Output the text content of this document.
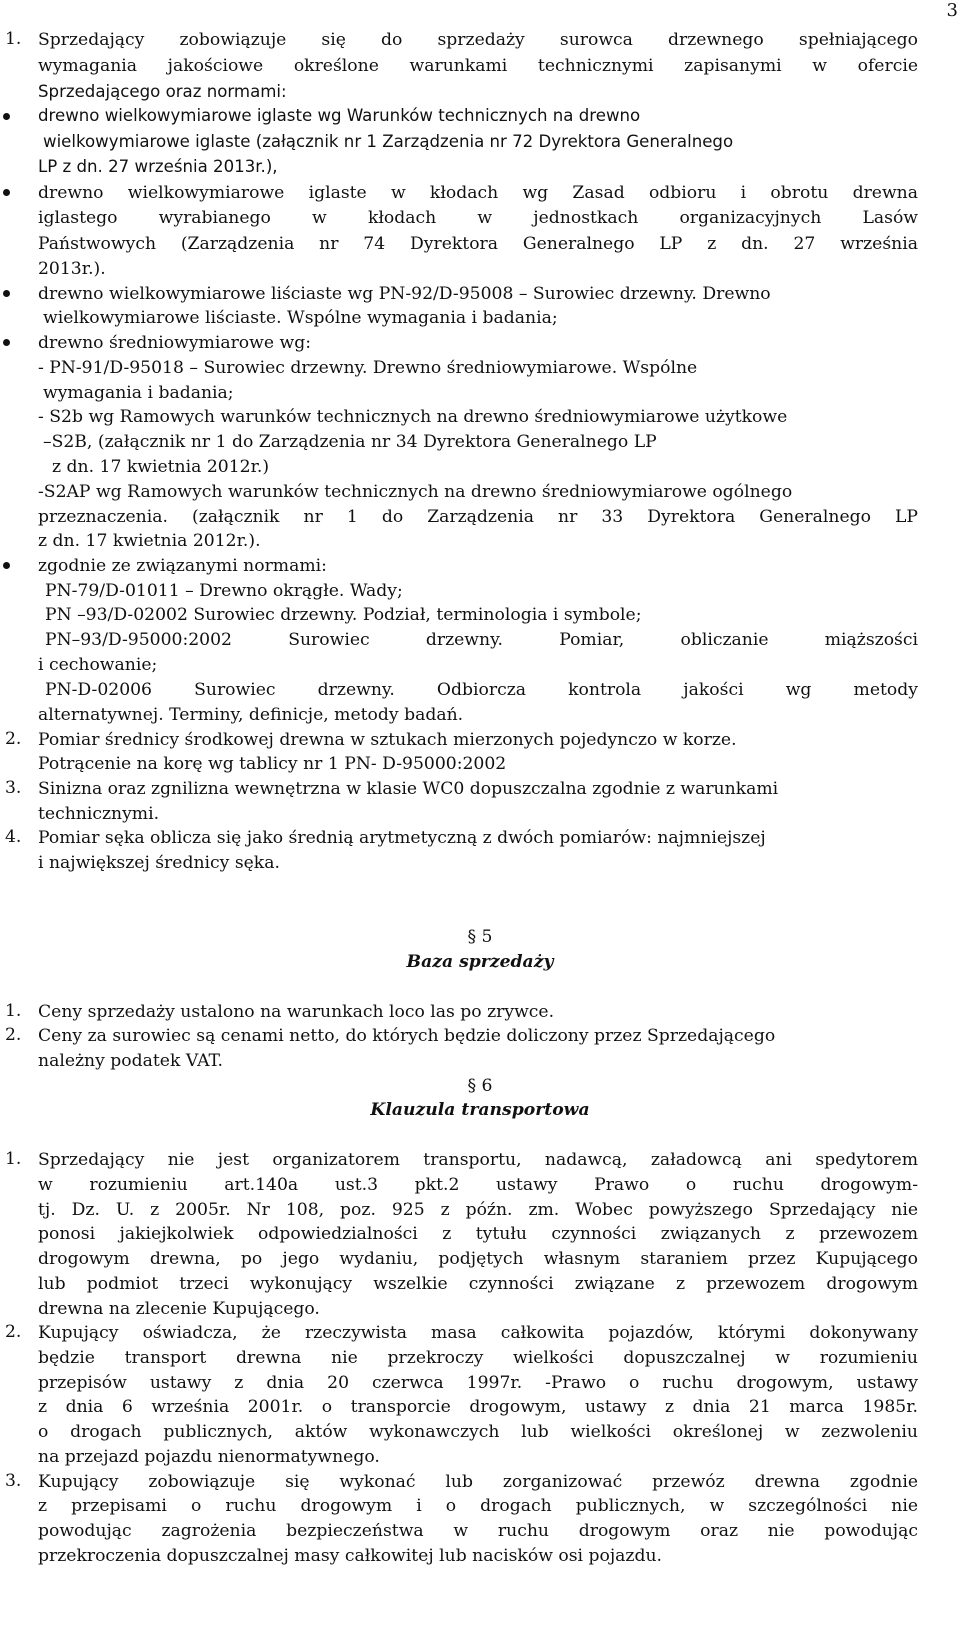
3
1. Sprzedający zobowiązuje się do sprzedaży surowca drzewnego spełniającego
wymagania jakościowe określone warunkami technicznymi zapisanymi w ofercie
Sprzedającego oraz normami:
drewno wielkowymiarowe iglaste wg Warunków technicznych na drewno
wielkowymiarowe iglaste (załącznik nr 1 Zarządzenia nr 72 Dyrektora Generalnego
LP z dn. 27 września 2013r.),
drewno wielkowymiarowe iglaste w kłodach wg Zasad odbioru i obrotu drewna
iglastego wyrabianego w kłodach w jednostkach organizacyjnych Lasów
Państwowych (Zarządzenia nr 74 Dyrektora Generalnego LP z dn. 27 września
2013r.).
drewno wielkowymiarowe liściaste wg PN-92/D-95008 – Surowiec drzewny. Drewno
wielkowymiarowe liściaste. Wspólne wymagania i badania;
drewno średniowymiarowe wg:
- PN-91/D-95018 – Surowiec drzewny. Drewno średniowymiarowe. Wspólne
wymagania i badania;
- S2b wg Ramowych warunków technicznych na drewno średniowymiarowe użytkowe
–S2B, (załącznik nr 1 do Zarządzenia nr 34 Dyrektora Generalnego LP
z dn. 17 kwietnia 2012r.)
-S2AP wg Ramowych warunków technicznych na drewno średniowymiarowe ogólnego
przeznaczenia. (załącznik nr 1 do Zarządzenia nr 33 Dyrektora Generalnego LP
z dn. 17 kwietnia 2012r.).
zgodnie ze związanymi normami:
PN-79/D-01011 – Drewno okrągłe. Wady;
PN –93/D-02002 Surowiec drzewny. Podział, terminologia i symbole;
PN–93/D-95000:2002 Surowiec drzewny. Pomiar, obliczanie miąższości
i cechowanie;
PN-D-02006 Surowiec drzewny. Odbiorcza kontrola jakości wg metody
alternatywnej. Terminy, definicje, metody badań.
2. Pomiar średnicy środkowej drewna w sztukach mierzonych pojedynczo w korze.
Potrącenie na korę wg tablicy nr 1 PN- D-95000:2002
3. Sinizna oraz zgnilizna wewnętrzna w klasie WC0 dopuszczalna zgodnie z warunkami
technicznymi.
4. Pomiar sęka oblicza się jako średnią arytmetyczną z dwóch pomiarów: najmniejszej
i największej średnicy sęka.
§ 5
Baza sprzedaży
1. Ceny sprzedaży ustalono na warunkach loco las po zrywce.
2. Ceny za surowiec są cenami netto, do których będzie doliczony przez Sprzedającego
należny podatek VAT.
§ 6
Klauzula transportowa
1. Sprzedający nie jest organizatorem transportu, nadawcą, załadowcą ani spedytorem
w rozumieniu art.140a ust.3 pkt.2 ustawy Prawo o ruchu drogowym-
tj. Dz. U. z 2005r. Nr 108, poz. 925 z późn. zm. Wobec powyższego Sprzedający nie
ponosi jakiejkolwiek odpowiedzialności z tytułu czynności związanych z przewozem
drogowym drewna, po jego wydaniu, podjętych własnym staraniem przez Kupującego
lub podmiot trzeci wykonujący wszelkie czynności związane z przewozem drogowym
drewna na zlecenie Kupującego.
2. Kupujący oświadcza, że rzeczywista masa całkowita pojazdów, którymi dokonywany
będzie transport drewna nie przekroczy wielkości dopuszczalnej w rozumieniu
przepisów ustawy z dnia 20 czerwca 1997r. -Prawo o ruchu drogowym, ustawy
z dnia 6 września 2001r. o transporcie drogowym, ustawy z dnia 21 marca 1985r.
o drogach publicznych, aktów wykonawczych lub wielkości określonej w zezwoleniu
na przejazd pojazdu nienormatywnego.
3. Kupujący zobowiązuje się wykonać lub zorganizować przewóz drewna zgodnie
z przepisami o ruchu drogowym i o drogach publicznych, w szczególności nie
powodując zagrożenia bezpieczeństwa w ruchu drogowym oraz nie powodując
przekroczenia dopuszczalnej masy całkowitej lub nacisków osi pojazdu.
